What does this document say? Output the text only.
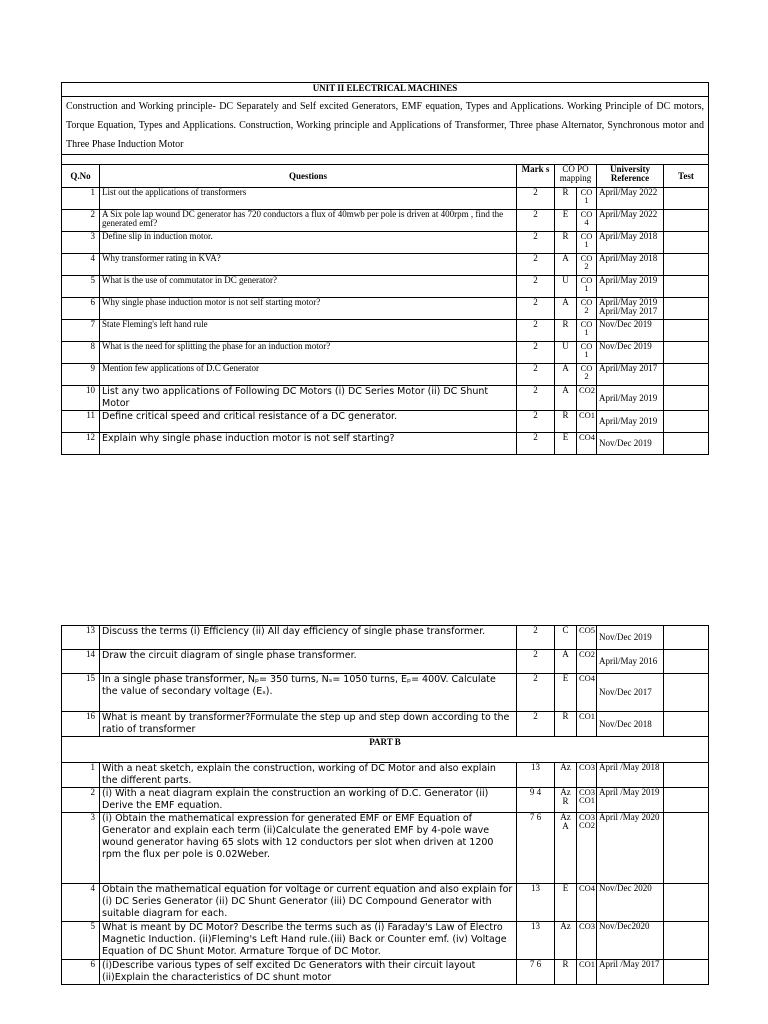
UNIT II ELECTRICAL MACHINES						
Construction and Working principle- DC Separately and Self excited Generators, EMF equation, Types and Applications. Working Principle of DC motors, Torque Equation, Types and Applications. Construction, Working principle and Applications of Transformer, Three phase Alternator, Synchronous motor and Three Phase Induction Motor						

Q.No	Questions	Mark s	CO PO mapping		University Reference	Test
1	List out the applications of transformers	2	R	CO 1	April/May 2022	
2	A Six pole lap wound DC generator has 720 conductors a flux of 40mwb per pole is driven at 400rpm , find the generated emf?	2	E	CO 4	April/May 2022	
3	Define slip in induction motor.	2	R	CO 1	April/May 2018	
4	Why transformer rating in KVA?	2	A	CO 2	April/May 2018	
5	What is the use of commutator in DC generator?	2	U	CO 1	April/May 2019	
6	Why single phase induction motor is not self starting motor?	2	A	CO 2	April/May 2019 April/May 2017	
7	State Fleming's left hand rule	2	R	CO 1	Nov/Dec 2019	
8	What is the need for splitting the phase for an induction motor?	2	U	CO 1	Nov/Dec 2019	
9	Mention few applications of D.C Generator	2	A	CO 2	April/May 2017	
10	List any two applications of Following DC Motors (i) DC Series Motor (ii) DC Shunt Motor	2	A	CO2	April/May 2019	
11	Define critical speed and critical resistance of a DC generator.	2	R	CO1	April/May 2019	
12	Explain why single phase induction motor is not self starting?	2	E	CO4	Nov/Dec 2019	
13	Discuss the terms (i) Efficiency (ii) All day efficiency of single phase transformer.	2	C	CO5	Nov/Dec 2019	
14	Draw the circuit diagram of single phase transformer.	2	A	CO2	April/May 2016	
15	In a single phase transformer, Nₚ= 350 turns, Nₛ= 1050 turns, Eₚ= 400V. Calculate the value of secondary voltage (Eₛ).	2	E	CO4	Nov/Dec 2017	
16	What is meant by transformer?Formulate the step up and step down according to the ratio of transformer	2	R	CO1	Nov/Dec 2018	
PART B						
1	With a neat sketch, explain the construction, working of DC Motor and also explain the different parts.	13	Az	CO3	April /May 2018	
2	(i) With a neat diagram explain the construction an working of D.C. Generator (ii) Derive the EMF equation.	9 4	Az R	CO3 CO1	April /May 2019	
3	(i) Obtain the mathematical expression for generated EMF or EMF Equation of Generator and explain each term (ii)Calculate the generated EMF by 4-pole wave wound generator having 65 slots with 12 conductors per slot when driven at 1200 rpm the flux per pole is 0.02Weber.	7 6	Az A	CO3 CO2	April /May 2020	
4	Obtain the mathematical equation for voltage or current equation and also explain for (i) DC Series Generator (ii) DC Shunt Generator (iii) DC Compound Generator with suitable diagram for each.	13	E	CO4	Nov/Dec 2020	
5	What is meant by DC Motor? Describe the terms such as (i) Faraday's Law of Electro Magnetic Induction. (ii)Fleming's Left Hand rule.(iii) Back or Counter emf. (iv) Voltage Equation of DC Shunt Motor. Armature Torque of DC Motor.	13	Az	CO3	Nov/Dec2020	
6	(i)Describe various types of self excited Dc Generators with their circuit layout (ii)Explain the characteristics of DC shunt motor	7 6	R	CO1	April /May 2017	
